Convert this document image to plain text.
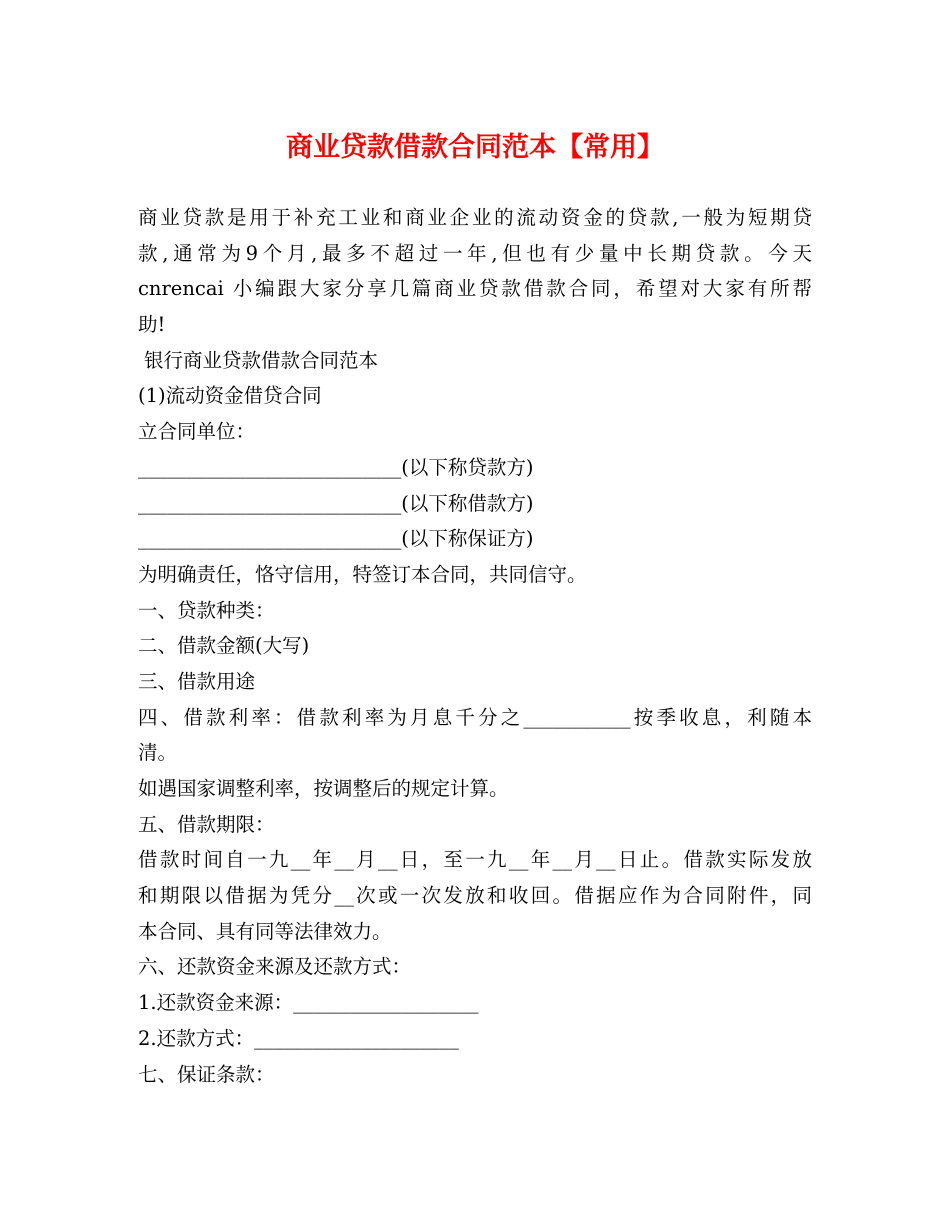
商业贷款借款合同范本【常用】
商业贷款是用于补充工业和商业企业的流动资金的贷款,一般为短期贷
款,通常为9个月,最多不超过一年,但也有少量中长期贷款。今天
cnrencai 小编跟大家分享几篇商业贷款借款合同，希望对大家有所帮
助!
银行商业贷款借款合同范本
(1)流动资金借贷合同
立合同单位：
___________________________(以下称贷款方)
___________________________(以下称借款方)
___________________________(以下称保证方)
为明确责任，恪守信用，特签订本合同，共同信守。
一、贷款种类：
二、借款金额(大写)
三、借款用途
四、借款利率：借款利率为月息千分之___________按季收息，利随本
清。
如遇国家调整利率，按调整后的规定计算。
五、借款期限：
借款时间自一九__年__月__日，至一九__年__月__日止。借款实际发放
和期限以借据为凭分__次或一次发放和收回。借据应作为合同附件，同
本合同、具有同等法律效力。
六、还款资金来源及还款方式：
1.还款资金来源：___________________
2.还款方式：_____________________
七、保证条款：
